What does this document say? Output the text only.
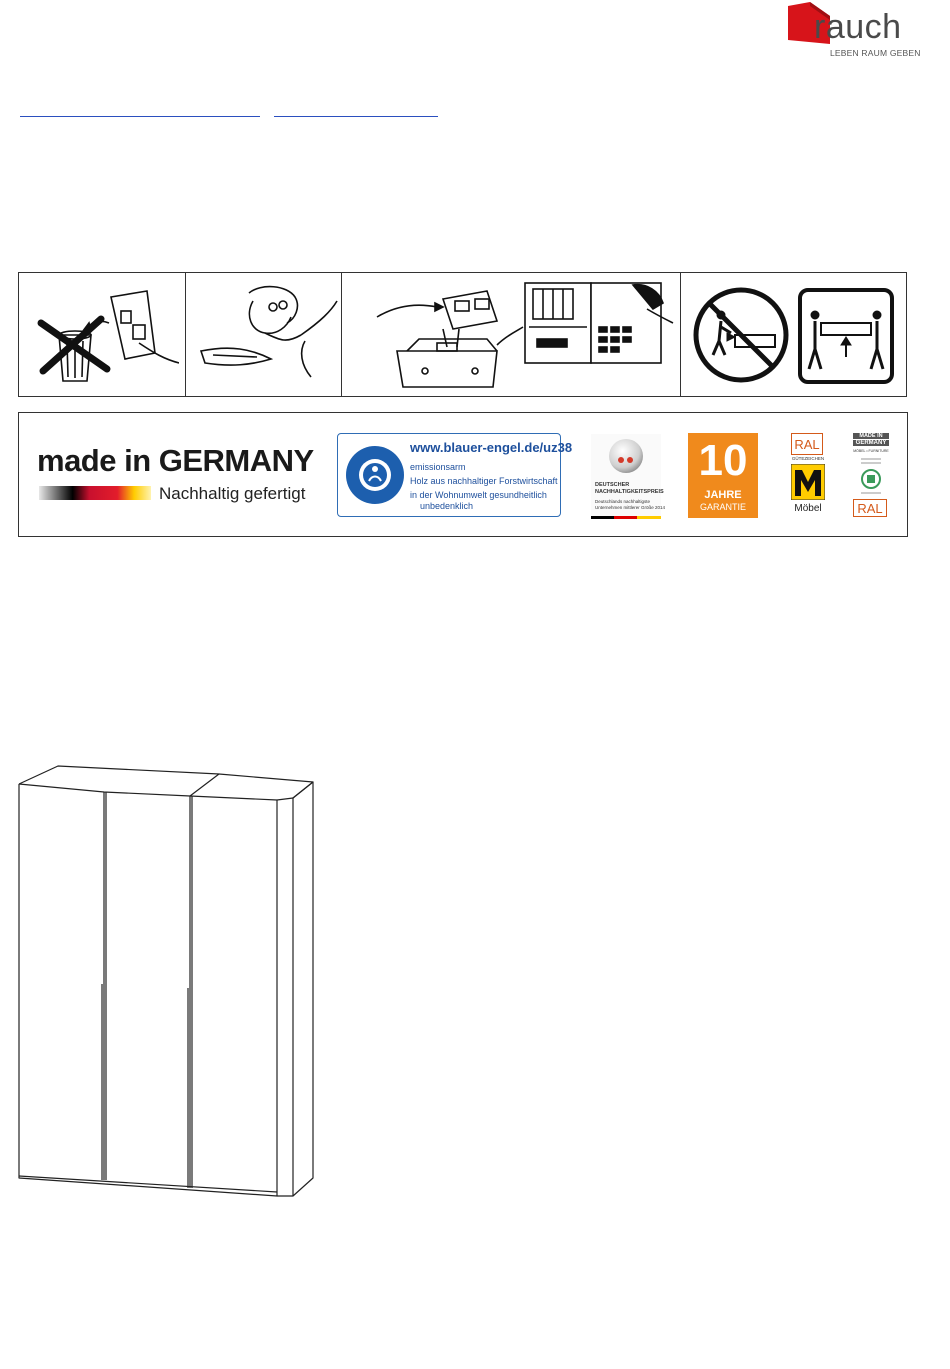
rauch
LEBEN RAUM GEBEN
made in GERMANY
Nachhaltig gefertigt
www.blauer-engel.de/uz38
emissionsarm
Holz aus nachhaltiger Forstwirtschaft
in der Wohnumwelt gesundheitlich
unbedenklich
DEUTSCHER
NACHHALTIGKEITSPREIS
Deutschlands nachhaltigste
Unternehmen mittlerer Größe 2014
10
JAHRE
GARANTIE
RAL
GÜTEZEICHEN
Möbel
MADE IN
GERMANY
MÖBEL • FURNITURE
RAL
